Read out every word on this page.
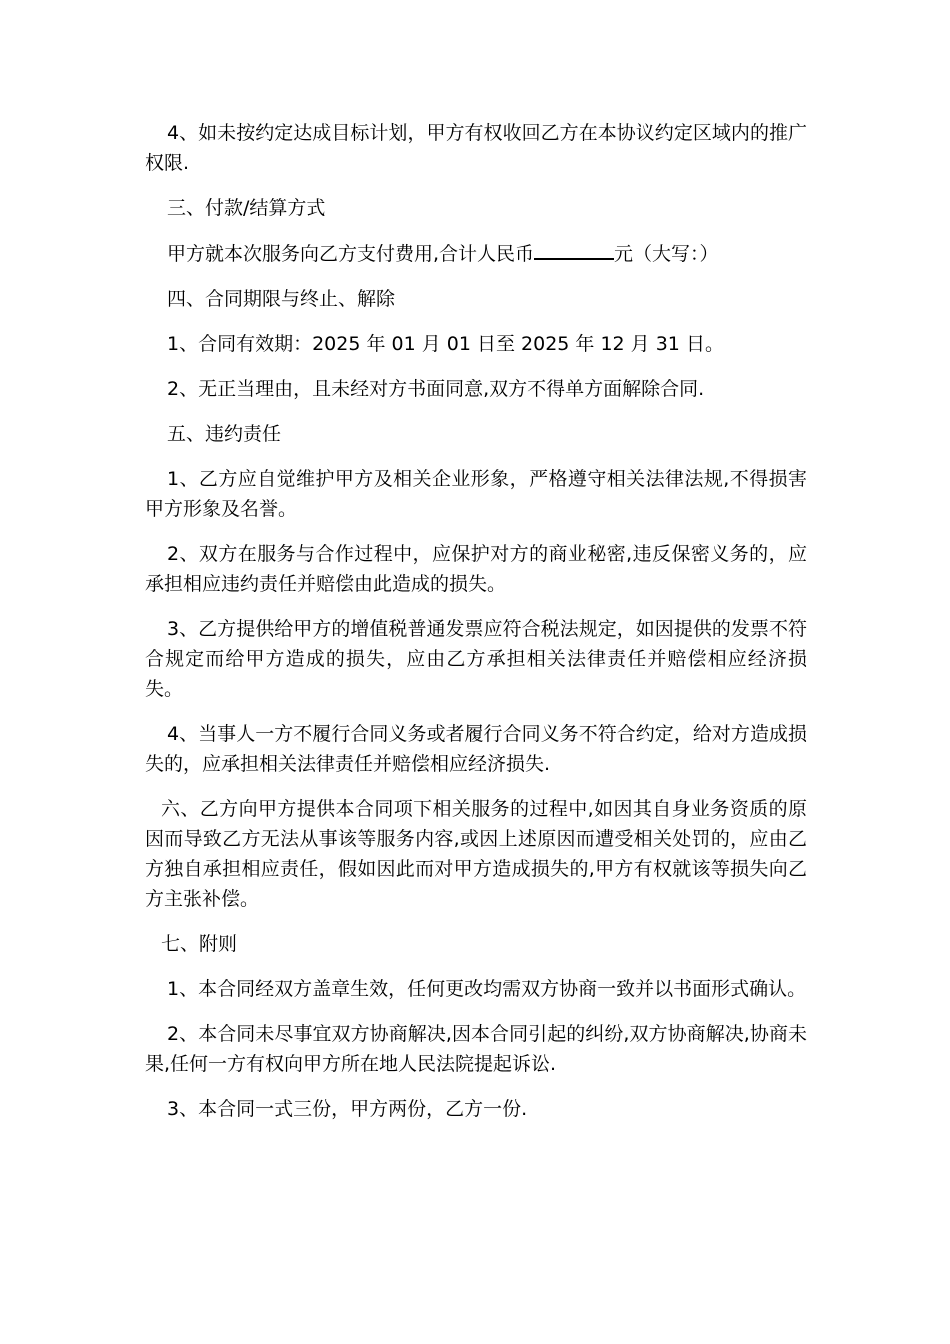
4、如未按约定达成目标计划，甲方有权收回乙方在本协议约定区域内的推广权限.

三、付款/结算方式

甲方就本次服务向乙方支付费用,合计人民币	元（大写：）

四、合同期限与终止、解除

1、合同有效期：2025 年 01 月 01 日至 2025 年 12 月 31 日。

2、无正当理由，且未经对方书面同意,双方不得单方面解除合同.

五、违约责任

1、乙方应自觉维护甲方及相关企业形象，严格遵守相关法律法规,不得损害甲方形象及名誉。

2、双方在服务与合作过程中，应保护对方的商业秘密,违反保密义务的，应承担相应违约责任并赔偿由此造成的损失。

3、乙方提供给甲方的增值税普通发票应符合税法规定，如因提供的发票不符合规定而给甲方造成的损失，应由乙方承担相关法律责任并赔偿相应经济损失。

4、当事人一方不履行合同义务或者履行合同义务不符合约定，给对方造成损失的，应承担相关法律责任并赔偿相应经济损失.

六、乙方向甲方提供本合同项下相关服务的过程中,如因其自身业务资质的原因而导致乙方无法从事该等服务内容,或因上述原因而遭受相关处罚的，应由乙方独自承担相应责任，假如因此而对甲方造成损失的,甲方有权就该等损失向乙方主张补偿。

七、附则

1、本合同经双方盖章生效，任何更改均需双方协商一致并以书面形式确认。

2、本合同未尽事宜双方协商解决,因本合同引起的纠纷,双方协商解决,协商未果,任何一方有权向甲方所在地人民法院提起诉讼.

3、本合同一式三份，甲方两份，乙方一份.
